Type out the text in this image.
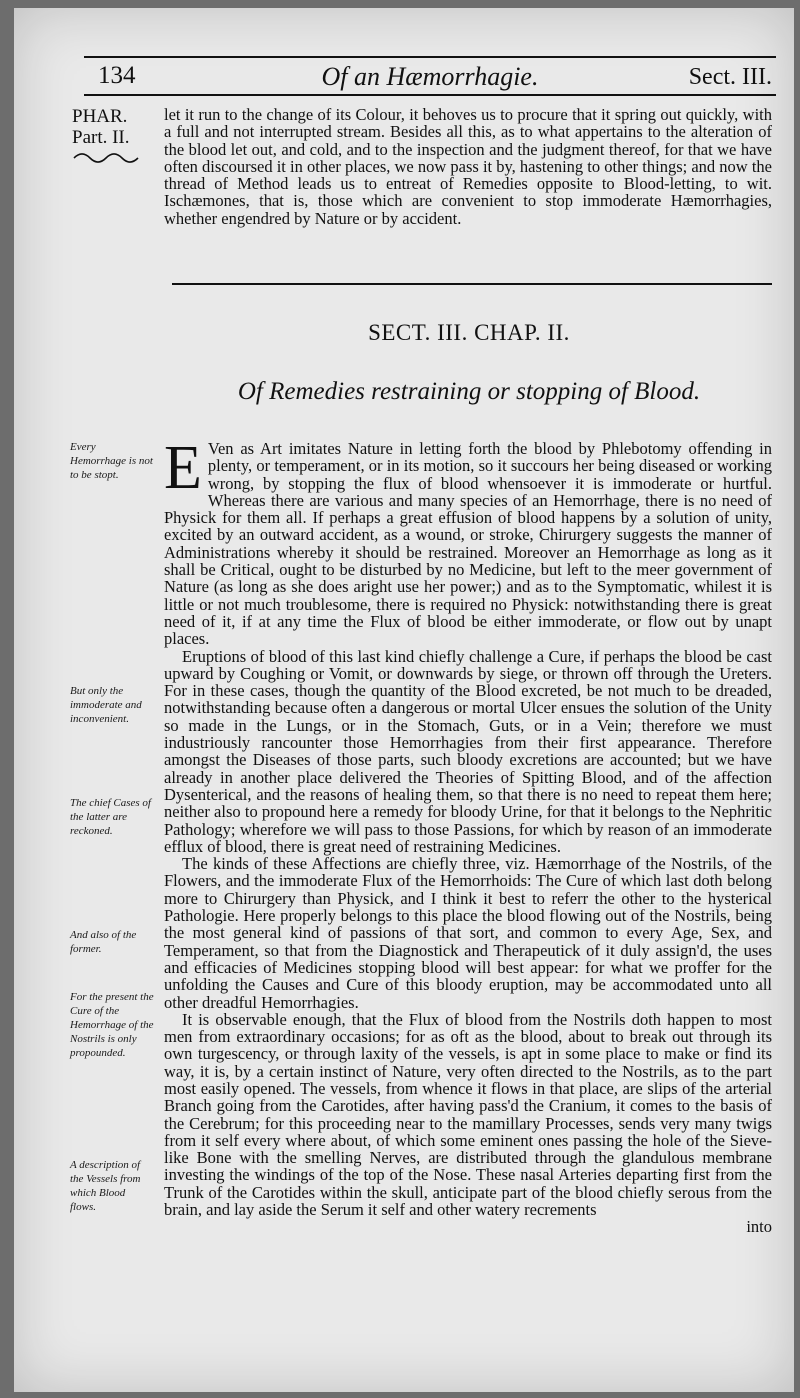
134	Of an Hæmorrhagie.	Sect. III.
PHAR.
Part. II.

let it run to the change of its Colour, it behoves us to procure that it spring out quickly, with a full and not interrupted stream. Besides all this, as to what appertains to the alteration of the blood let out, and cold, and to the inspection and the judgment thereof, for that we have often discoursed it in other places, we now pass it by, hastening to other things; and now the thread of Method leads us to entreat of Remedies opposite to Blood-letting, to wit. Ischæmones, that is, those which are convenient to stop immoderate Hæmorrhagies, whether engendred by Nature or by accident.

SECT. III. CHAP. II.
Of Remedies restraining or stopping of Blood.
Every Hemorrhage is not to be stopt.
But only the immoderate and inconvenient.
The chief Cases of the latter are reckoned.
And also of the former.
For the present the Cure of the Hemorrhage of the Nostrils is only propounded.
A description of the Vessels from which Blood flows.

E Ven as Art imitates Nature in letting forth the blood by Phlebotomy offending in plenty, or temperament, or in its motion, so it succours her being diseased or working wrong, by stopping the flux of blood whensoever it is immoderate or hurtful. Whereas there are various and many species of an Hemorrhage, there is no need of Physick for them all. If perhaps a great effusion of blood happens by a solution of unity, excited by an outward accident, as a wound, or stroke, Chirurgery suggests the manner of Administrations whereby it should be restrained. Moreover an Hemorrhage as long as it shall be Critical, ought to be disturbed by no Medicine, but left to the meer government of Nature (as long as she does aright use her power;) and as to the Symptomatic, whilest it is little or not much troublesome, there is required no Physick: notwithstanding there is great need of it, if at any time the Flux of blood be either immoderate, or flow out by unapt places.

Eruptions of blood of this last kind chiefly challenge a Cure, if perhaps the blood be cast upward by Coughing or Vomit, or downwards by siege, or thrown off through the Ureters. For in these cases, though the quantity of the Blood excreted, be not much to be dreaded, notwithstanding because often a dangerous or mortal Ulcer ensues the solution of the Unity so made in the Lungs, or in the Stomach, Guts, or in a Vein; therefore we must industriously rancounter those Hemorrhagies from their first appearance. Therefore amongst the Diseases of those parts, such bloody excretions are accounted; but we have already in another place delivered the Theories of Spitting Blood, and of the affection Dysenterical, and the reasons of healing them, so that there is no need to repeat them here; neither also to propound here a remedy for bloody Urine, for that it belongs to the Nephritic Pathology; wherefore we will pass to those Passions, for which by reason of an immoderate efflux of blood, there is great need of restraining Medicines.

The kinds of these Affections are chiefly three, viz. Hæmorrhage of the Nostrils, of the Flowers, and the immoderate Flux of the Hemorrhoids: The Cure of which last doth belong more to Chirurgery than Physick, and I think it best to referr the other to the hysterical Pathologie. Here properly belongs to this place the blood flowing out of the Nostrils, being the most general kind of passions of that sort, and common to every Age, Sex, and Temperament, so that from the Diagnostick and Therapeutick of it duly assign'd, the uses and efficacies of Medicines stopping blood will best appear: for what we proffer for the unfolding the Causes and Cure of this bloody eruption, may be accommodated unto all other dreadful Hemorrhagies.

It is observable enough, that the Flux of blood from the Nostrils doth happen to most men from extraordinary occasions; for as oft as the blood, about to break out through its own turgescency, or through laxity of the vessels, is apt in some place to make or find its way, it is, by a certain instinct of Nature, very often directed to the Nostrils, as to the part most easily opened. The vessels, from whence it flows in that place, are slips of the arterial Branch going from the Carotides, after having pass'd the Cranium, it comes to the basis of the Cerebrum; for this proceeding near to the mamillary Processes, sends very many twigs from it self every where about, of which some eminent ones passing the hole of the Sieve-like Bone with the smelling Nerves, are distributed through the glandulous membrane investing the windings of the top of the Nose. These nasal Arteries departing first from the Trunk of the Carotides within the skull, anticipate part of the blood chiefly serous from the brain, and lay aside the Serum it self and other watery recrements

into
